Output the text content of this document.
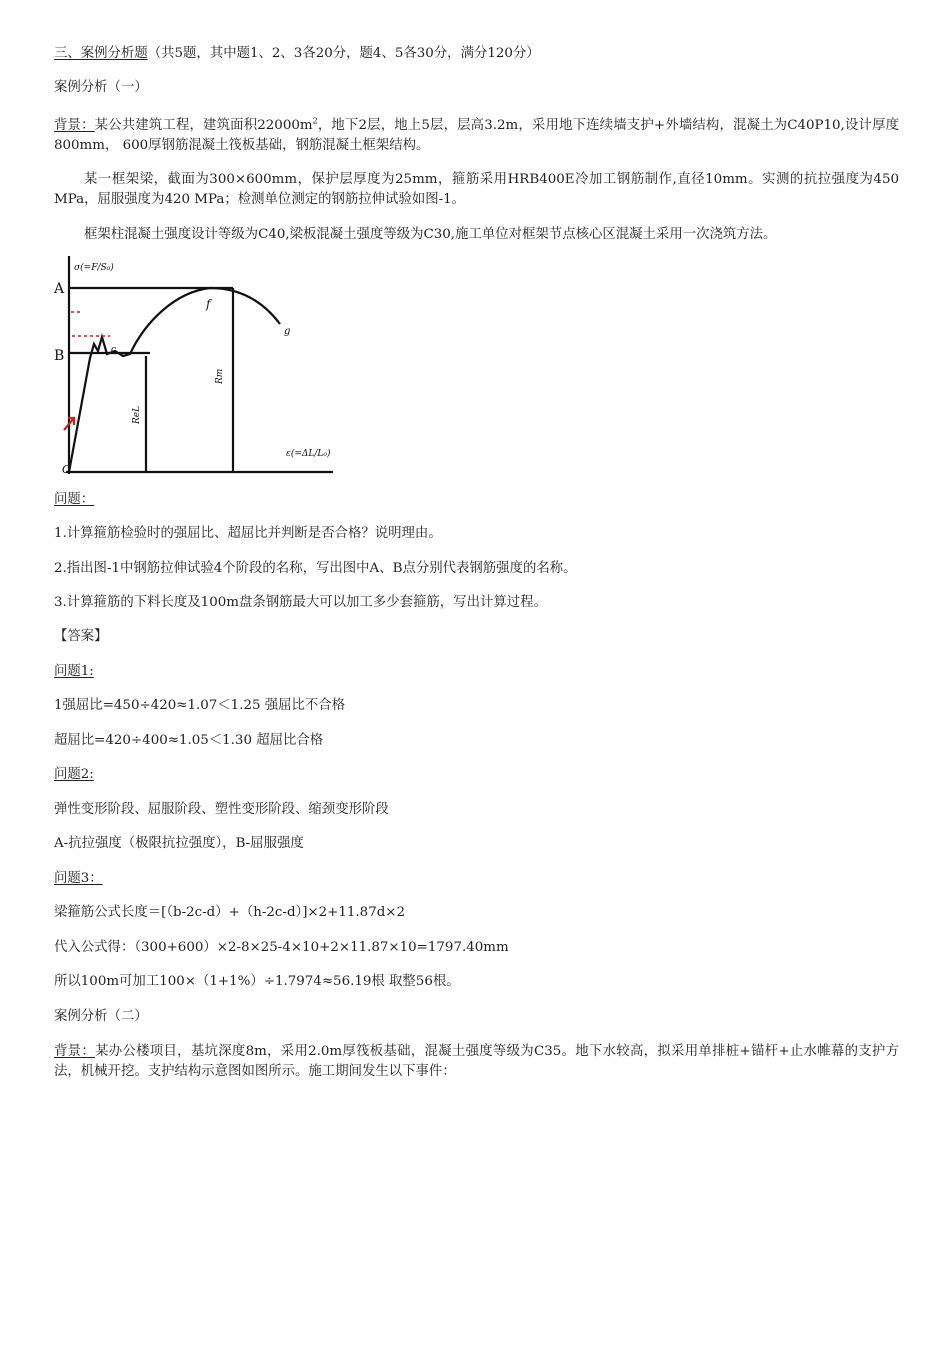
三、案例分析题（共5题，其中题1、2、3各20分，题4、5各30分，满分120分）
案例分析（一）
背景：某公共建筑工程，建筑面积$22000m^2$，地下2层，地上5层，层高3.2m，采用地下连续墙支护+外墙结构，混凝土为C40P10,设计厚度800mm， 600厚钢筋混凝土筏板基础，钢筋混凝土框架结构。
某一框架梁，截面为300×600mm，保护层厚度为25mm，箍筋采用HRB400E冷加工钢筋制作,直径10mm。实测的抗拉强度为450 MPa，屈服强度为420 MPa；检测单位测定的钢筋拉伸试验如图-1。
框架柱混凝土强度设计等级为C40,梁板混凝土强度等级为C30,施工单位对框架节点核心区混凝土采用一次浇筑方法。
A
B
O
σ(=F/S₀)
ε(=ΔL/L₀)
f
g
c
Rm
ReL
问题：
1.计算箍筋检验时的强屈比、超屈比并判断是否合格？说明理由。
2.指出图-1中钢筋拉伸试验4个阶段的名称，写出图中A、B点分别代表钢筋强度的名称。
3.计算箍筋的下料长度及100m盘条钢筋最大可以加工多少套箍筋，写出计算过程。
【答案】
问题1:
1强屈比=450÷420≈1.07＜1.25 强屈比不合格
超屈比=420÷400≈1.05＜1.30 超屈比合格
问题2:
弹性变形阶段、屈服阶段、塑性变形阶段、缩颈变形阶段
A-抗拉强度（极限抗拉强度），B-屈服强度
问题3：
梁箍筋公式长度＝[（b-2c-d）+（h-2c-d）]×2+11.87d×2
代入公式得：（300+600）×2-8×25-4×10+2×11.87×10=1797.40mm
所以100m可加工100×（1+1%）÷1.7974≈56.19根 取整56根。
案例分析（二）
背景：某办公楼项目，基坑深度8m，采用2.0m厚筏板基础，混凝土强度等级为C35。地下水较高，拟采用单排桩+锚杆+止水帷幕的支护方法，机械开挖。支护结构示意图如图所示。施工期间发生以下事件：
